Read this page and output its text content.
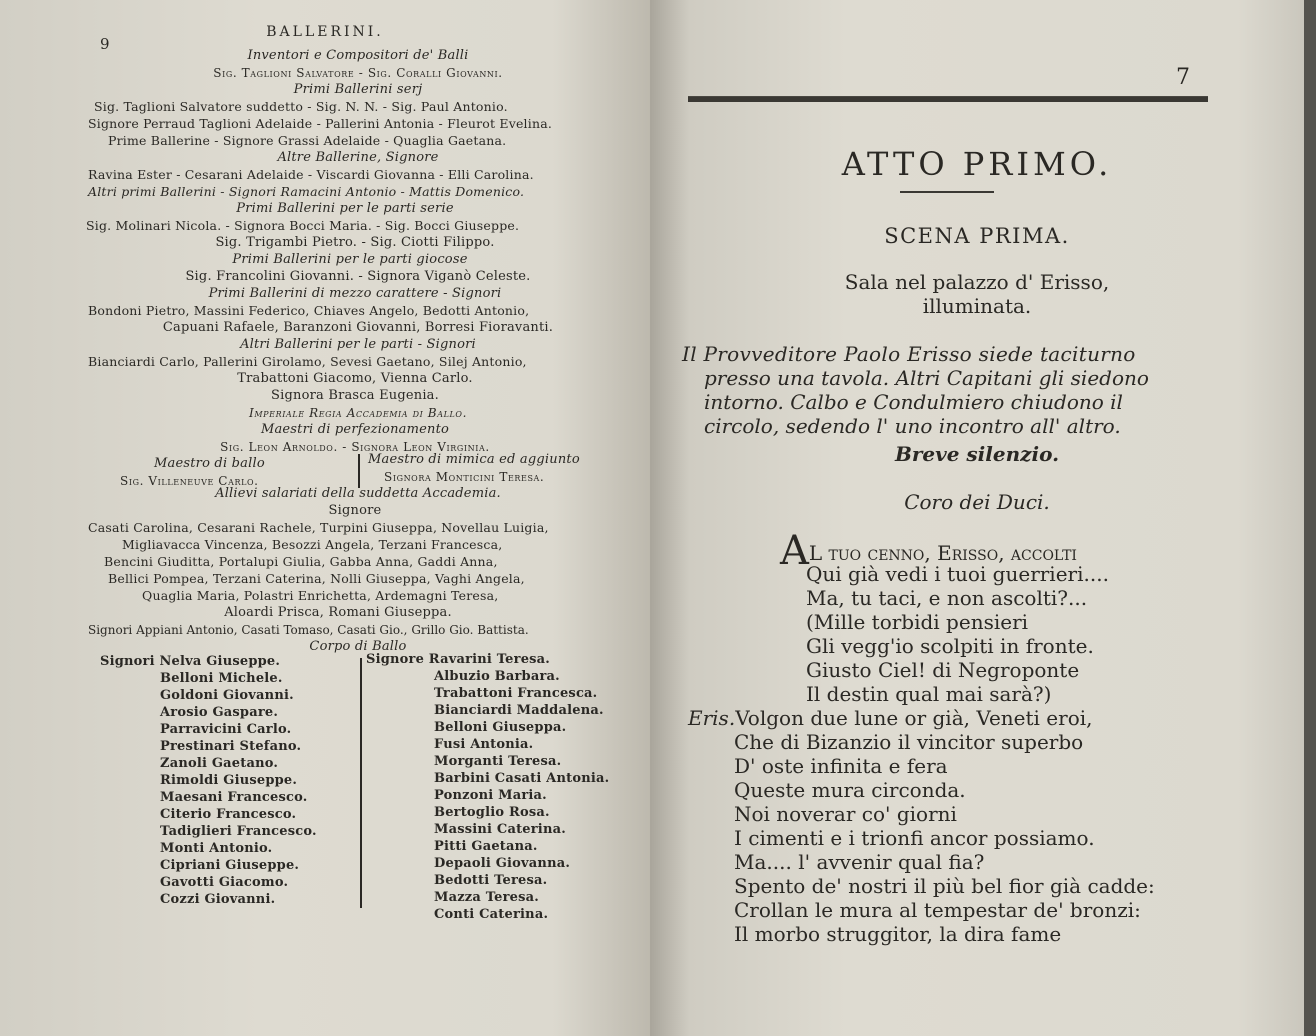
9
BALLERINI.
Inventori e Compositori de' Balli
Sig. Taglioni Salvatore - Sig. Coralli Giovanni.
Primi Ballerini serj
Sig. Taglioni Salvatore suddetto - Sig. N. N. - Sig. Paul Antonio.
Signore Perraud Taglioni Adelaide - Pallerini Antonia - Fleurot Evelina.
Prime Ballerine - Signore Grassi Adelaide - Quaglia Gaetana.
Altre Ballerine, Signore
Ravina Ester - Cesarani Adelaide - Viscardi Giovanna - Elli Carolina.
Altri primi Ballerini - Signori Ramacini Antonio - Mattis Domenico.
Primi Ballerini per le parti serie
Sig. Molinari Nicola. - Signora Bocci Maria. - Sig. Bocci Giuseppe.
Sig. Trigambi Pietro. - Sig. Ciotti Filippo.
Primi Ballerini per le parti giocose
Sig. Francolini Giovanni. - Signora Viganò Celeste.
Primi Ballerini di mezzo carattere - Signori
Bondoni Pietro, Massini Federico, Chiaves Angelo, Bedotti Antonio,
Capuani Rafaele, Baranzoni Giovanni, Borresi Fioravanti.
Altri Ballerini per le parti - Signori
Bianciardi Carlo, Pallerini Girolamo, Sevesi Gaetano, Silej Antonio,
Trabattoni Giacomo, Vienna Carlo.
Signora Brasca Eugenia.
Imperiale Regia Accademia di Ballo.
Maestri di perfezionamento
Sig. Leon Arnoldo. - Signora Leon Virginia.
Maestro di ballo	Maestro di mimica ed aggiunto
Sig. Villeneuve Carlo.	Signora Monticini Teresa.
Allievi salariati della suddetta Accademia.
Signore
Casati Carolina, Cesarani Rachele, Turpini Giuseppa, Novellau Luigia,
Migliavacca Vincenza, Besozzi Angela, Terzani Francesca,
Bencini Giuditta, Portalupi Giulia, Gabba Anna, Gaddi Anna,
Bellici Pompea, Terzani Caterina, Nolli Giuseppa, Vaghi Angela,
Quaglia Maria, Polastri Enrichetta, Ardemagni Teresa,
Aloardi Prisca, Romani Giuseppa.
Signori Appiani Antonio, Casati Tomaso, Casati Gio., Grillo Gio. Battista.
Corpo di Ballo
Signori Nelva Giuseppe.
Belloni Michele.
Goldoni Giovanni.
Arosio Gaspare.
Parravicini Carlo.
Prestinari Stefano.
Zanoli Gaetano.
Rimoldi Giuseppe.
Maesani Francesco.
Citerio Francesco.
Tadiglieri Francesco.
Monti Antonio.
Cipriani Giuseppe.
Gavotti Giacomo.
Cozzi Giovanni.
Signore Ravarini Teresa.
Albuzio Barbara.
Trabattoni Francesca.
Bianciardi Maddalena.
Belloni Giuseppa.
Fusi Antonia.
Morganti Teresa.
Barbini Casati Antonia.
Ponzoni Maria.
Bertoglio Rosa.
Massini Caterina.
Pitti Gaetana.
Depaoli Giovanna.
Bedotti Teresa.
Mazza Teresa.
Conti Caterina.
7
ATTO PRIMO.
SCENA PRIMA.
Sala nel palazzo d' Erisso,
illuminata.
Il Provveditore Paolo Erisso siede taciturno
presso una tavola. Altri Capitani gli siedono
intorno. Calbo e Condulmiero chiudono il
circolo, sedendo l' uno incontro all' altro.
Breve silenzio.
Coro dei Duci.
AL tuo cenno, Erisso, accolti
Qui già vedi i tuoi guerrieri....
Ma, tu taci, e non ascolti?...
(Mille torbidi pensieri
Gli vegg'io scolpiti in fronte.
Giusto Ciel! di Negroponte
Il destin qual mai sarà?)
Eris.Volgon due lune or già, Veneti eroi,
Che di Bizanzio il vincitor superbo
D' oste infinita e fera
Queste mura circonda.
Noi noverar co' giorni
I cimenti e i trionfi ancor possiamo.
Ma.... l' avvenir qual fia?
Spento de' nostri il più bel fior già cadde:
Crollan le mura al tempestar de' bronzi:
Il morbo struggitor, la dira fame
